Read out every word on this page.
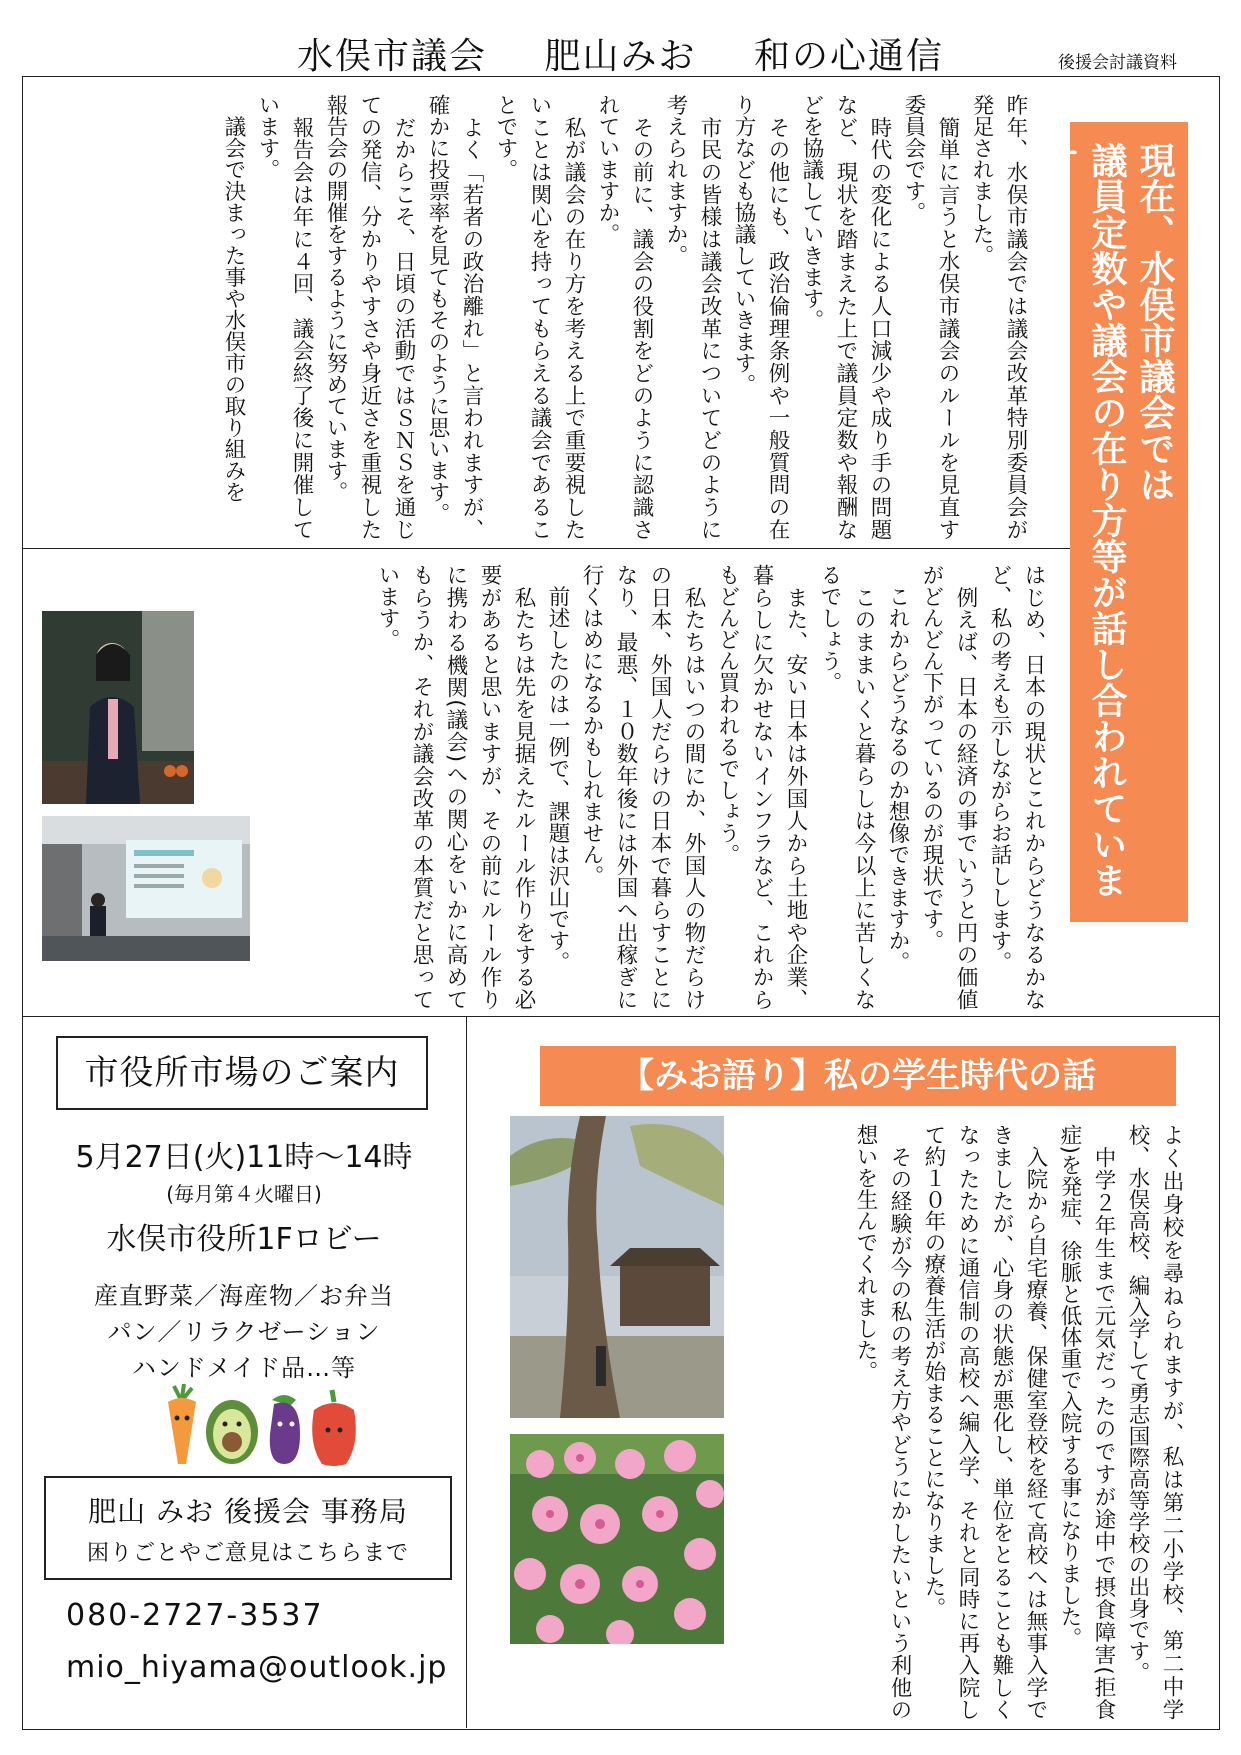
水俣市議会 肥山みお 和の心通信	後援会討議資料
現在、水俣市議会では
議員定数や議会の在り方等が話し合われています
昨年、水俣市議会では議会改革特別委員会が発足されました。
　簡単に言うと水俣市議会のルールを見直す委員会です。
　時代の変化による人口減少や成り手の問題など、現状を踏まえた上で議員定数や報酬などを協議していきます。
　その他にも、政治倫理条例や一般質問の在り方なども協議していきます。
　市民の皆様は議会改革についてどのように考えられますか。
　その前に、議会の役割をどのように認識されていますか。
　私が議会の在り方を考える上で重要視したいことは関心を持ってもらえる議会であることです。
　よく「若者の政治離れ」と言われますが、確かに投票率を見てもそのように思います。
　だからこそ、日頃の活動ではＳＮＳを通じての発信、分かりやすさや身近さを重視した報告会の開催をするように努めています。
　報告会は年に４回、議会終了後に開催しています。
　議会で決まった事や水俣市の取り組みを
はじめ、日本の現状とこれからどうなるかなど、私の考えも示しながらお話しします。
　例えば、日本の経済の事でいうと円の価値がどんどん下がっているのが現状です。
　これからどうなるのか想像できますか。
　このままいくと暮らしは今以上に苦しくなるでしょう。
　また、安い日本は外国人から土地や企業、暮らしに欠かせないインフラなど、これからもどんどん買われるでしょう。
　私たちはいつの間にか、外国人の物だらけの日本、外国人だらけの日本で暮らすことになり、最悪、１０数年後には外国へ出稼ぎに行くはめになるかもしれません。
　前述したのは一例で、課題は沢山です。
　私たちは先を見据えたルール作りをする必要があると思いますが、その前にルール作りに携わる機関(議会)への関心をいかに高めてもらうか、それが議会改革の本質だと思っています。
市役所市場のご案内
5月27日(火)11時～14時
(毎月第４火曜日)
水俣市役所1Fロビー
産直野菜／海産物／お弁当
パン／リラクゼーション
ハンドメイド品…等
肥山 みお 後援会 事務局
困りごとやご意見はこちらまで
080-2727-3537
mio_hiyama@outlook.jp
【みお語り】私の学生時代の話
よく出身校を尋ねられますが、私は第二小学校、第二中学校、水俣高校、編入学して勇志国際高等学校の出身です。
　中学２年生まで元気だったのですが途中で摂食障害(拒食症)を発症、徐脈と低体重で入院する事になりました。
　入院から自宅療養、保健室登校を経て高校へは無事入学できましたが、心身の状態が悪化し、単位をとることも難しくなったために通信制の高校へ編入学、それと同時に再入院して約１０年の療養生活が始まることになりました。
　その経験が今の私の考え方やどうにかしたいという利他の想いを生んでくれました。
